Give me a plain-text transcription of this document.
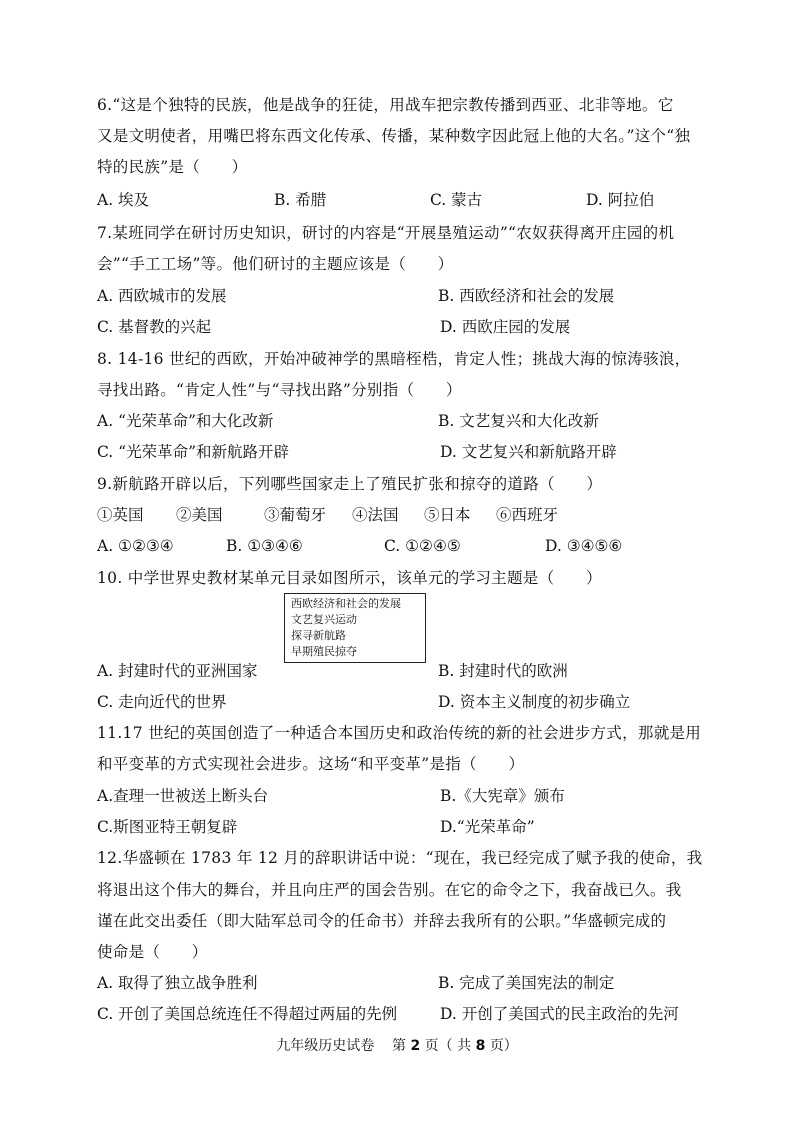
6.“这是个独特的民族，他是战争的狂徒，用战车把宗教传播到西亚、北非等地。它
又是文明使者，用嘴巴将东西文化传承、传播，某种数字因此冠上他的大名。”这个“独
特的民族”是（　　）
A. 埃及	B. 希腊	C. 蒙古	D. 阿拉伯
7.某班同学在研讨历史知识，研讨的内容是“开展垦殖运动”“农奴获得离开庄园的机
会”“手工工场”等。他们研讨的主题应该是（　　）
A. 西欧城市的发展	B. 西欧经济和社会的发展
C. 基督教的兴起	D. 西欧庄园的发展
8. 14-16 世纪的西欧，开始冲破神学的黑暗桎梏，肯定人性；挑战大海的惊涛骇浪，
寻找出路。“肯定人性”与“寻找出路”分别指（　　）
A. “光荣革命”和大化改新	B. 文艺复兴和大化改新
C. “光荣革命”和新航路开辟	D. 文艺复兴和新航路开辟
9.新航路开辟以后，下列哪些国家走上了殖民扩张和掠夺的道路（　　）
①英国 ②美国	③葡萄牙 ④法国 ⑤日本 ⑥西班牙
A. ①②③④	B. ①③④⑥	C. ①②④⑤	D. ③④⑤⑥
10. 中学世界史教材某单元目录如图所示，该单元的学习主题是（　　）
西欧经济和社会的发展
文艺复兴运动
探寻新航路
早期殖民掠夺
A. 封建时代的亚洲国家	B. 封建时代的欧洲
C. 走向近代的世界	D. 资本主义制度的初步确立
11.17 世纪的英国创造了一种适合本国历史和政治传统的新的社会进步方式，那就是用
和平变革的方式实现社会进步。这场“和平变革”是指（　　）
A.查理一世被送上断头台	B.《大宪章》颁布
C.斯图亚特王朝复辟	D.“光荣革命”
12.华盛顿在 1783 年 12 月的辞职讲话中说：“现在，我已经完成了赋予我的使命，我
将退出这个伟大的舞台，并且向庄严的国会告别。在它的命令之下，我奋战已久。我
谨在此交出委任（即大陆军总司令的任命书）并辞去我所有的公职。”华盛顿完成的
使命是（　　）
A. 取得了独立战争胜利	B. 完成了美国宪法的制定
C. 开创了美国总统连任不得超过两届的先例	D. 开创了美国式的民主政治的先河
九年级历史试卷 第 2 页（ 共 8 页）
